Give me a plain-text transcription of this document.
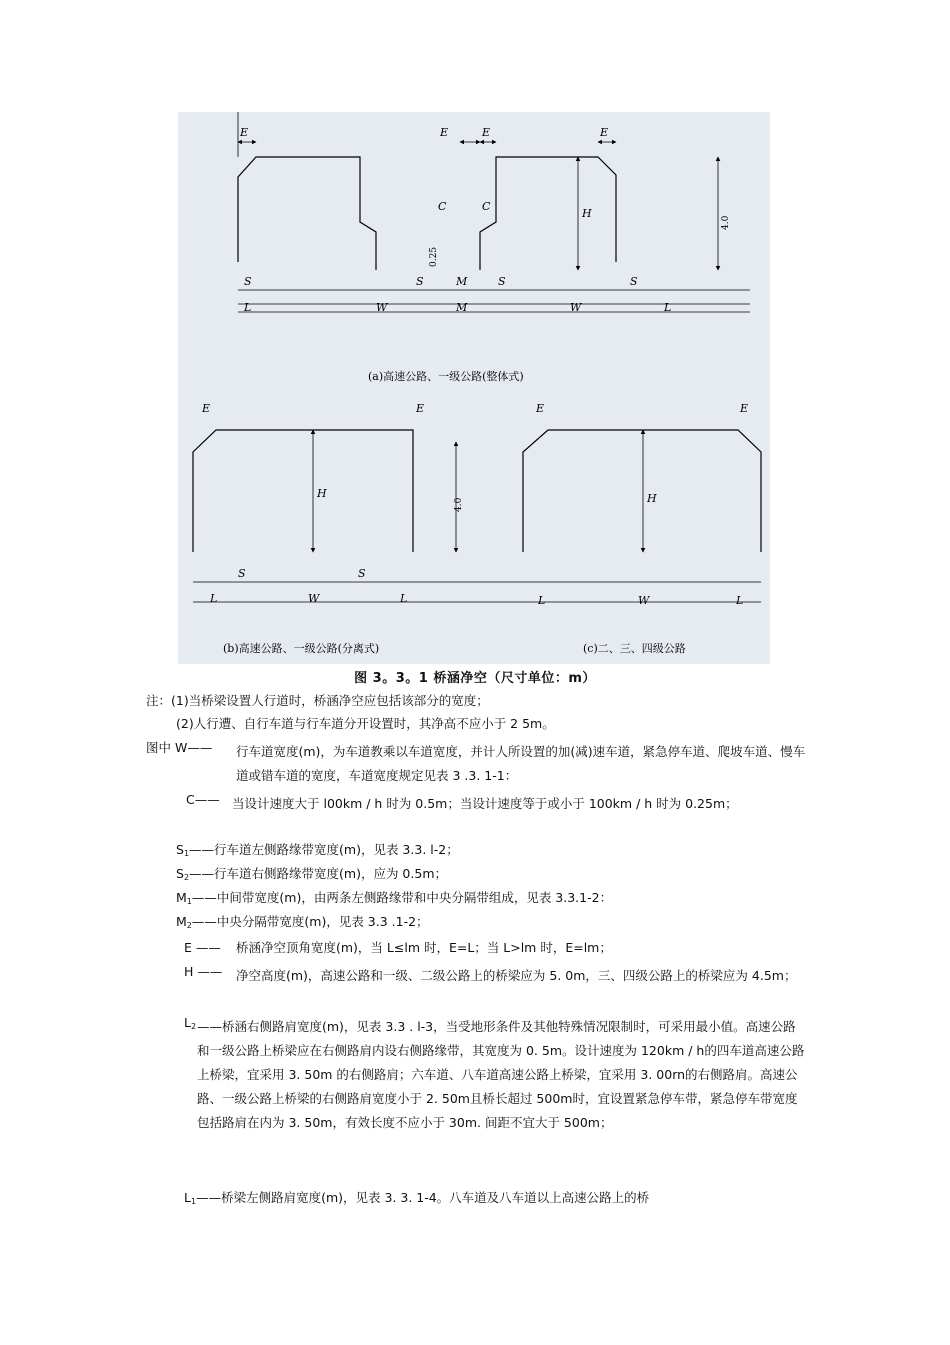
E	E	E	E
C	C
H
W	W
M
M
S	S
S	S
L	L
E	E	E	E
H	H
W	W
S	S
L	L	L	L
0.25
4.0
4.0
(a)高速公路、一级公路(整体式)
(b)高速公路、一级公路(分离式)	(c)二、三、四级公路
图 3。3。1 桥涵净空（尺寸单位：m）
注：(1)当桥梁设置人行道时，桥涵净空应包括该部分的宽度；
(2)人行遭、自行车道与行车道分开设置时，其净高不应小于 2 5m。
图中 W—— 行车道宽度(m)，为车道教乘以车道宽度，并计人所设置的加(减)速车道，紧急停车道、爬坡车道、慢车道或错车道的宽度，车道宽度规定见表 3 .3. 1-1：
C—— 当设计速度大于 l00km / h 时为 0.5m；当设计速度等于或小于 100km / h 时为 0.25m；
$S_1——$行车道左侧路缘带宽度(m)，见表 3.3. l-2；
$S_2——$行车道右侧路缘带宽度(m)，应为 0.5m；
$M_1——$中间带宽度(m)，由两条左侧路缘带和中央分隔带组成，见表 3.3.1-2：
$M_2——$中央分隔带宽度(m)，见表 3.3 .1-2；
E —— 桥涵净空顶角宽度(m)，当 L≤lm 时，E=L；当 L>lm 时，E=lm；
H —— 净空高度(m)，高速公路和一级、二级公路上的桥梁应为 5. 0m，三、四级公路上的桥梁应为 4.5m；
$L_2$ ——桥涵右侧路肩宽度(m)，见表 3.3 . l-3，当受地形条件及其他特殊情况限制时，可采用最小值。高速公路和一级公路上桥梁应在右侧路肩内设右侧路缘带，其宽度为 0. 5m。设计速度为 120km / h的四车道高速公路上桥梁，宜采用 3. 50m 的右侧路肩；六车道、八车道高速公路上桥梁，宜采用 3. 00rn的右侧路肩。高速公路、一级公路上桥梁的右侧路肩宽度小于 2. 50m且桥长超过 500m时，宜设置紧急停车带，紧急停车带宽度包括路肩在内为 3. 50m，有效长度不应小于 30m. 间距不宜大于 500m；
$L_1——$桥梁左侧路肩宽度(m)，见表 3. 3. 1-4。八车道及八车道以上高速公路上的桥
